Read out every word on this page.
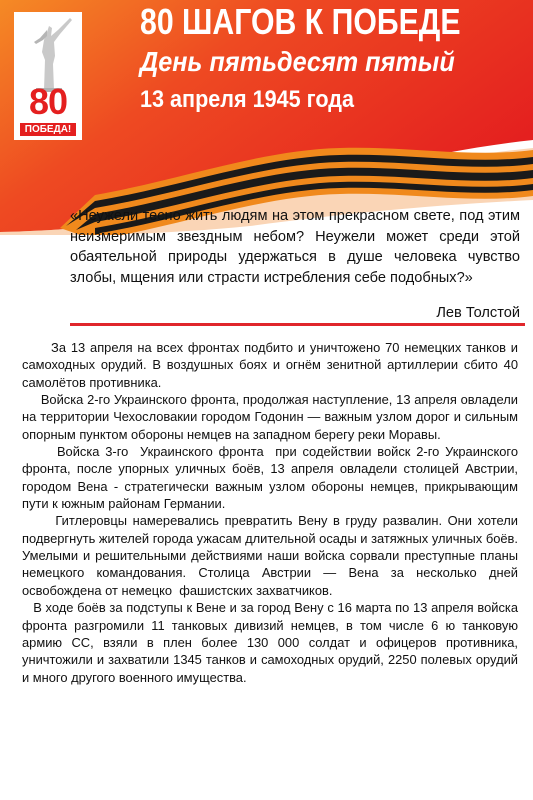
80
ПОБЕДА!
80 ШАГОВ К ПОБЕДЕ
День пятьдесят пятый
13 апреля 1945 года
«Неужели тесно жить людям на этом прекрасном свете, под этим неизмеримым звездным небом? Неужели может среди этой обаятельной природы удержаться в душе человека чувство злобы, мщения или страсти истребления себе подобных?»
Лев Толстой

За 13 апреля на всех фронтах подбито и уничтожено 70 немецких танков и самоходных орудий. В воздушных боях и огнём зенитной артиллерии сбито 40 самолётов противника.

Войска 2-го Украинского фронта, продолжая наступление, 13 апреля овладели на территории Чехословакии городом Годонин — важным узлом дорог и сильным опорным пунктом обороны немцев на западном берегу реки Моравы.

Войска 3-го  Украинского фронта  при содействии войск 2-го Украинского фронта, после упорных уличных боёв, 13 апреля овладели столицей Австрии, городом Вена - стратегически важным узлом обороны немцев, прикрывающим пути к южным районам Германии.

Гитлеровцы намеревались превратить Вену в груду развалин. Они хотели подвергнуть жителей города ужасам длительной осады и затяжных уличных боёв. Умелыми и решительными действиями наши войска сорвали преступные планы немецкого командования. Столица Австрии — Вена за несколько дней освобождена от немецко  фашистских захватчиков.

В ходе боёв за подступы к Вене и за город Вену с 16 марта по 13 апреля войска фронта разгромили 11 танковых дивизий немцев, в том числе 6 ю танковую армию СС, взяли в плен более 130 000 солдат и офицеров противника, уничтожили и захватили 1345 танков и самоходных орудий, 2250 полевых орудий и много другого военного имущества.
